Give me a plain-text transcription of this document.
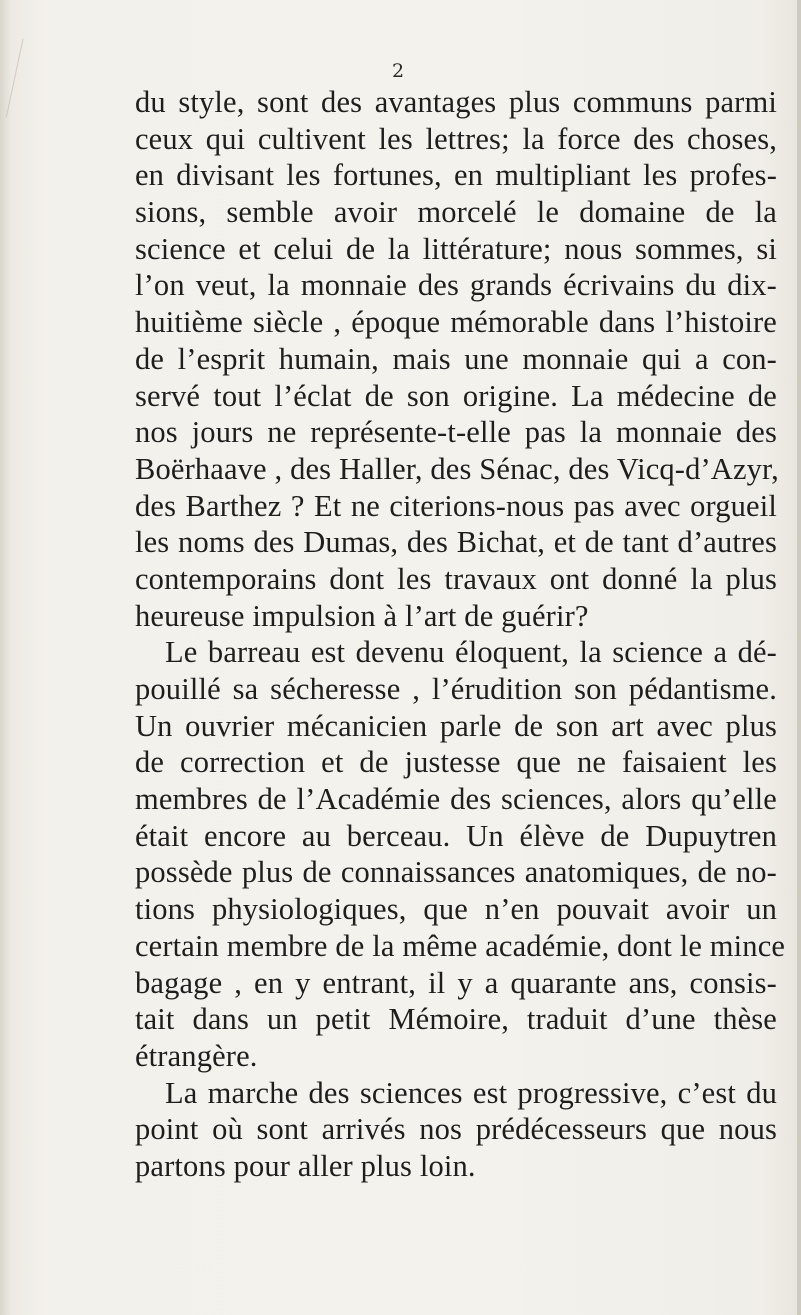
2
du style, sont des avantages plus communs parmi
ceux qui cultivent les lettres; la force des choses,
en divisant les fortunes, en multipliant les profes-
sions, semble avoir morcelé le domaine de la
science et celui de la littérature; nous sommes, si
l’on veut, la monnaie des grands écrivains du dix-
huitième siècle , époque mémorable dans l’histoire
de l’esprit humain, mais une monnaie qui a con-
servé tout l’éclat de son origine. La médecine de
nos jours ne représente-t-elle pas la monnaie des
Boërhaave , des Haller, des Sénac, des Vicq-d’Azyr,
des Barthez ? Et ne citerions-nous pas avec orgueil
les noms des Dumas, des Bichat, et de tant d’autres
contemporains dont les travaux ont donné la plus
heureuse impulsion à l’art de guérir?
Le barreau est devenu éloquent, la science a dé-
pouillé sa sécheresse , l’érudition son pédantisme.
Un ouvrier mécanicien parle de son art avec plus
de correction et de justesse que ne faisaient les
membres de l’Académie des sciences, alors qu’elle
était encore au berceau. Un élève de Dupuytren
possède plus de connaissances anatomiques, de no-
tions physiologiques, que n’en pouvait avoir un
certain membre de la même académie, dont le mince
bagage , en y entrant, il y a quarante ans, consis-
tait dans un petit Mémoire, traduit d’une thèse
étrangère.
La marche des sciences est progressive, c’est du
point où sont arrivés nos prédécesseurs que nous
partons pour aller plus loin.
